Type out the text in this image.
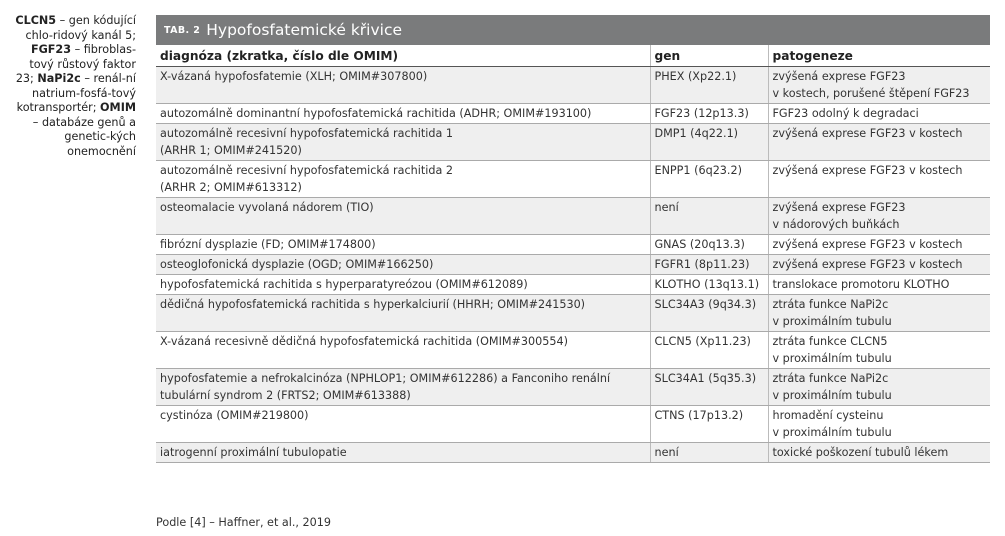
CLCN5 – gen kódující chlo-ridový kanál 5; FGF23 – fibroblas-tový růstový faktor 23; NaPi2c – renál-ní natrium-fosfá-tový kotransportér; OMIM – databáze genů a genetic-kých onemocnění
TAB. 2 Hypofosfatemické křivice
diagnóza (zkratka, číslo dle OMIM)	gen	patogeneze
X-vázaná hypofosfatemie (XLH; OMIM#307800)	PHEX (Xp22.1)	zvýšená exprese FGF23
v kostech, porušené štěpení FGF23
autozomálně dominantní hypofosfatemická rachitida (ADHR; OMIM#193100)	FGF23 (12p13.3)	FGF23 odolný k degradaci
autozomálně recesivní hypofosfatemická rachitida 1
(ARHR 1; OMIM#241520)	DMP1 (4q22.1)	zvýšená exprese FGF23 v kostech
autozomálně recesivní hypofosfatemická rachitida 2
(ARHR 2; OMIM#613312)	ENPP1 (6q23.2)	zvýšená exprese FGF23 v kostech
osteomalacie vyvolaná nádorem (TIO)	není	zvýšená exprese FGF23
v nádorových buňkách
fibrózní dysplazie (FD; OMIM#174800)	GNAS (20q13.3)	zvýšená exprese FGF23 v kostech
osteoglofonická dysplazie (OGD; OMIM#166250)	FGFR1 (8p11.23)	zvýšená exprese FGF23 v kostech
hypofosfatemická rachitida s hyperparatyreózou (OMIM#612089)	KLOTHO (13q13.1)	translokace promotoru KLOTHO
dědičná hypofosfatemická rachitida s hyperkalciurií (HHRH; OMIM#241530)	SLC34A3 (9q34.3)	ztráta funkce NaPi2c
v proximálním tubulu
X-vázaná recesivně dědičná hypofosfatemická rachitida (OMIM#300554)	CLCN5 (Xp11.23)	ztráta funkce CLCN5
v proximálním tubulu
hypofosfatemie a nefrokalcinóza (NPHLOP1; OMIM#612286) a Fanconiho renální
tubulární syndrom 2 (FRTS2; OMIM#613388)	SLC34A1 (5q35.3)	ztráta funkce NaPi2c
v proximálním tubulu
cystinóza (OMIM#219800)	CTNS (17p13.2)	hromadění cysteinu
v proximálním tubulu
iatrogenní proximální tubulopatie	není	toxické poškození tubulů lékem
Podle [4] – Haffner, et al., 2019
